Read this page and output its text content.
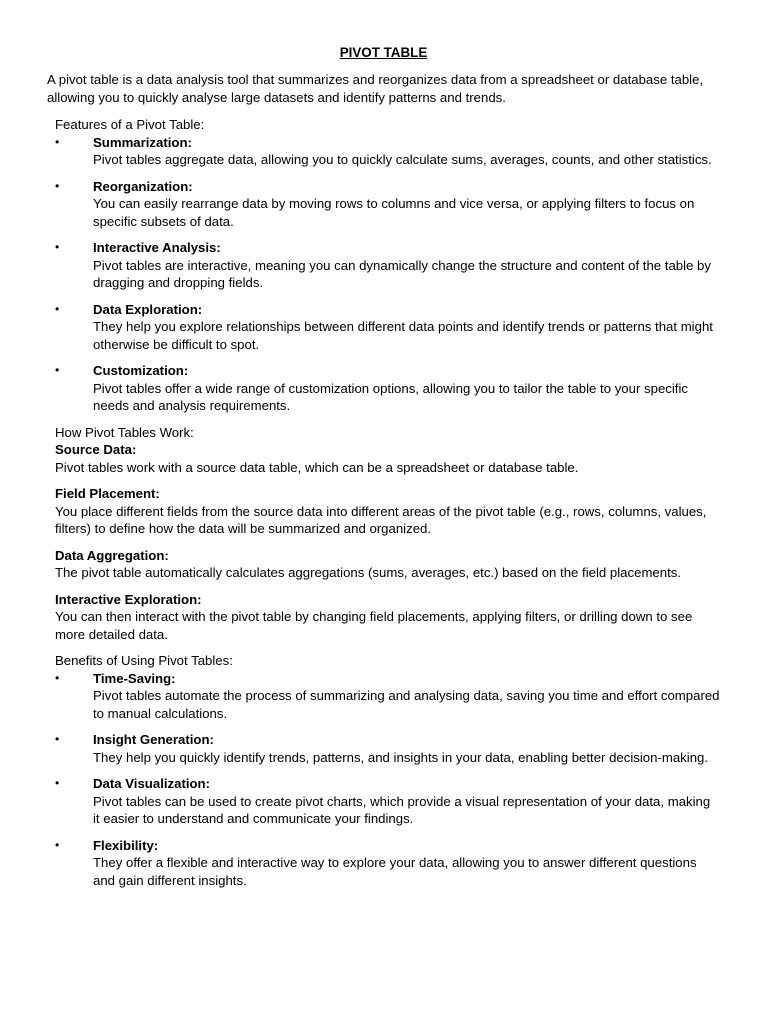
PIVOT TABLE
A pivot table is a data analysis tool that summarizes and reorganizes data from a spreadsheet or database table, allowing you to quickly analyse large datasets and identify patterns and trends.
Features of a Pivot Table:
•	Summarization:
Pivot tables aggregate data, allowing you to quickly calculate sums, averages, counts, and other statistics.
•	Reorganization:
You can easily rearrange data by moving rows to columns and vice versa, or applying filters to focus on specific subsets of data.
•	Interactive Analysis:
Pivot tables are interactive, meaning you can dynamically change the structure and content of the table by dragging and dropping fields.
•	Data Exploration:
They help you explore relationships between different data points and identify trends or patterns that might otherwise be difficult to spot.
•	Customization:
Pivot tables offer a wide range of customization options, allowing you to tailor the table to your specific needs and analysis requirements.
How Pivot Tables Work:
Source Data:
Pivot tables work with a source data table, which can be a spreadsheet or database table.
Field Placement:
You place different fields from the source data into different areas of the pivot table (e.g., rows, columns, values, filters) to define how the data will be summarized and organized.
Data Aggregation:
The pivot table automatically calculates aggregations (sums, averages, etc.) based on the field placements.
Interactive Exploration:
You can then interact with the pivot table by changing field placements, applying filters, or drilling down to see more detailed data.
Benefits of Using Pivot Tables:
•	Time-Saving:
Pivot tables automate the process of summarizing and analysing data, saving you time and effort compared to manual calculations.
•	Insight Generation:
They help you quickly identify trends, patterns, and insights in your data, enabling better decision-making.
•	Data Visualization:
Pivot tables can be used to create pivot charts, which provide a visual representation of your data, making it easier to understand and communicate your findings.
•	Flexibility:
They offer a flexible and interactive way to explore your data, allowing you to answer different questions and gain different insights.
